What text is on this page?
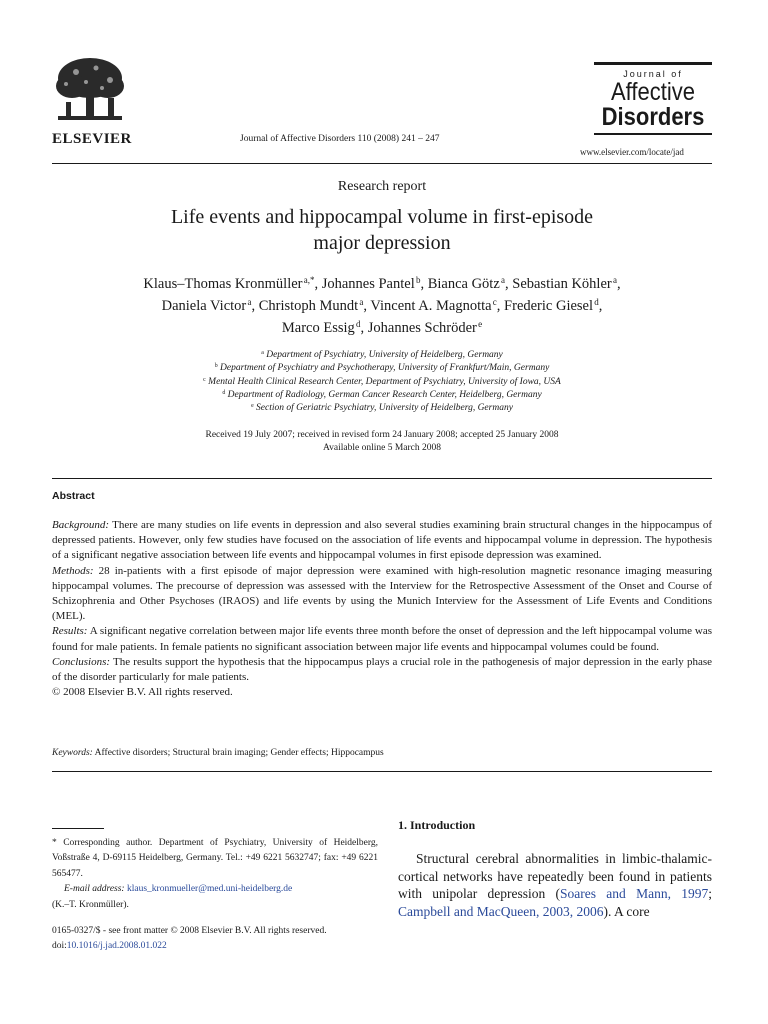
ELSEVIER	Journal of Affective Disorders 110 (2008) 241 – 247
Journal of
Affective
Disorders
www.elsevier.com/locate/jad
Research report
Life events and hippocampal volume in first-episode
major depression
Klaus–Thomas Kronmüller $^{a,*}$, Johannes Pantel $^b$, Bianca Götz $^a$, Sebastian Köhler $^a$,
Daniela Victor $^a$, Christoph Mundt $^a$, Vincent A. Magnotta $^c$, Frederic Giesel $^d$,
Marco Essig $^d$, Johannes Schröder $^e$
$^a$ Department of Psychiatry, University of Heidelberg, Germany
$^b$ Department of Psychiatry and Psychotherapy, University of Frankfurt/Main, Germany
$^c$ Mental Health Clinical Research Center, Department of Psychiatry, University of Iowa, USA
$^d$ Department of Radiology, German Cancer Research Center, Heidelberg, Germany
$^e$ Section of Geriatric Psychiatry, University of Heidelberg, Germany
Received 19 July 2007; received in revised form 24 January 2008; accepted 25 January 2008
Available online 5 March 2008
Abstract

Background: There are many studies on life events in depression and also several studies examining brain structural changes in the hippocampus of depressed patients. However, only few studies have focused on the association of life events and hippocampal volume in depression. The hypothesis of a significant negative association between life events and hippocampal volumes in first episode depression was examined.

Methods: 28 in-patients with a first episode of major depression were examined with high-resolution magnetic resonance imaging measuring hippocampal volumes. The precourse of depression was assessed with the Interview for the Retrospective Assessment of the Onset and Course of Schizophrenia and Other Psychoses (IRAOS) and life events by using the Munich Interview for the Assessment of Life Events and Conditions (MEL).

Results: A significant negative correlation between major life events three month before the onset of depression and the left hippocampal volume was found for male patients. In female patients no significant association between major life events and hippocampal volumes could be found.

Conclusions: The results support the hypothesis that the hippocampus plays a crucial role in the pathogenesis of major depression in the early phase of the disorder particularly for male patients.

© 2008 Elsevier B.V. All rights reserved.

Keywords: Affective disorders; Structural brain imaging; Gender effects; Hippocampus

* Corresponding author. Department of Psychiatry, University of Heidelberg, Voßstraße 4, D-69115 Heidelberg, Germany. Tel.: +49 6221 5632747; fax: +49 6221 565477.

E-mail address: klaus_kronmueller@med.uni-heidelberg.de

(K.–T. Kronmüller).

0165-0327/$ - see front matter © 2008 Elsevier B.V. All rights reserved.
doi:10.1016/j.jad.2008.01.022
1. Introduction

Structural cerebral abnormalities in limbic-thalamic-cortical networks have repeatedly been found in patients with unipolar depression (Soares and Mann, 1997; Campbell and MacQueen, 2003, 2006). A core
